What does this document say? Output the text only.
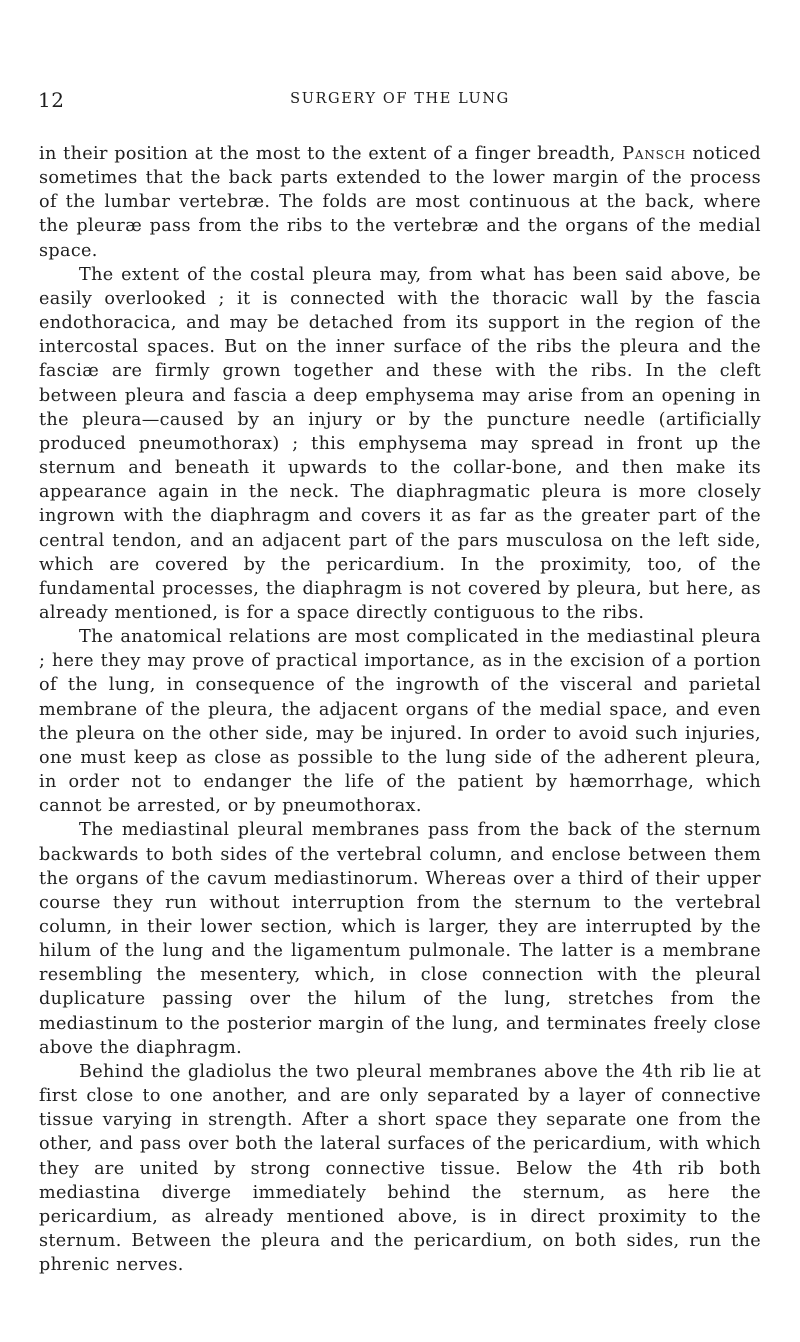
12	SURGERY OF THE LUNG

in their position at the most to the extent of a finger breadth, Pansch noticed sometimes that the back parts extended to the lower margin of the process of the lumbar vertebræ. The folds are most continuous at the back, where the pleuræ pass from the ribs to the vertebræ and the organs of the medial space.

The extent of the costal pleura may, from what has been said above, be easily overlooked ; it is connected with the thoracic wall by the fascia endothoracica, and may be detached from its support in the region of the intercostal spaces. But on the inner surface of the ribs the pleura and the fasciæ are firmly grown together and these with the ribs. In the cleft between pleura and fascia a deep emphysema may arise from an opening in the pleura—caused by an injury or by the puncture needle (artificially produced pneumothorax) ; this emphysema may spread in front up the sternum and beneath it upwards to the collar-bone, and then make its appearance again in the neck. The diaphragmatic pleura is more closely ingrown with the diaphragm and covers it as far as the greater part of the central tendon, and an adjacent part of the pars musculosa on the left side, which are covered by the pericardium. In the proximity, too, of the fundamental processes, the diaphragm is not covered by pleura, but here, as already mentioned, is for a space directly contiguous to the ribs.

The anatomical relations are most complicated in the mediastinal pleura ; here they may prove of practical importance, as in the excision of a portion of the lung, in consequence of the ingrowth of the visceral and parietal membrane of the pleura, the adjacent organs of the medial space, and even the pleura on the other side, may be injured. In order to avoid such injuries, one must keep as close as possible to the lung side of the adherent pleura, in order not to endanger the life of the patient by hæmorrhage, which cannot be arrested, or by pneumothorax.

The mediastinal pleural membranes pass from the back of the sternum backwards to both sides of the vertebral column, and enclose between them the organs of the cavum mediastinorum. Whereas over a third of their upper course they run without interruption from the sternum to the vertebral column, in their lower section, which is larger, they are interrupted by the hilum of the lung and the ligamentum pulmonale. The latter is a membrane resembling the mesentery, which, in close connection with the pleural duplicature passing over the hilum of the lung, stretches from the mediastinum to the posterior margin of the lung, and terminates freely close above the diaphragm.

Behind the gladiolus the two pleural membranes above the 4th rib lie at first close to one another, and are only separated by a layer of connective tissue varying in strength. After a short space they separate one from the other, and pass over both the lateral surfaces of the pericardium, with which they are united by strong connective tissue. Below the 4th rib both mediastina diverge immediately behind the sternum, as here the pericardium, as already mentioned above, is in direct proximity to the sternum. Between the pleura and the pericardium, on both sides, run the phrenic nerves.
